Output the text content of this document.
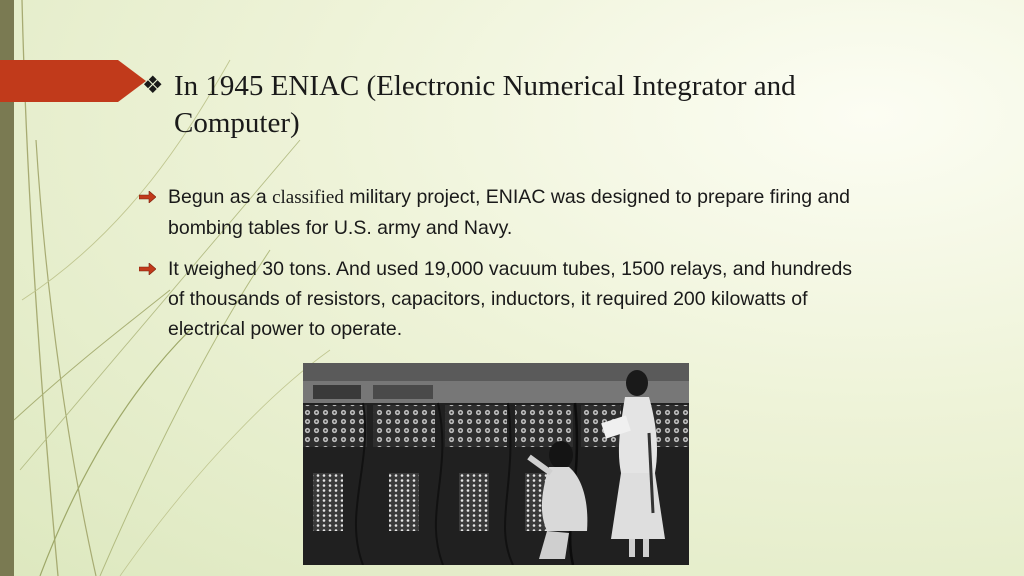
❖ In 1945 ENIAC (Electronic Numerical Integrator and Computer)
Begun as a classified military project, ENIAC was designed to prepare firing and bombing tables for U.S. army and Navy.
It weighed 30 tons. And used 19,000 vacuum tubes, 1500 relays, and hundreds of thousands of resistors, capacitors, inductors, it required 200 kilowatts of electrical power to operate.
